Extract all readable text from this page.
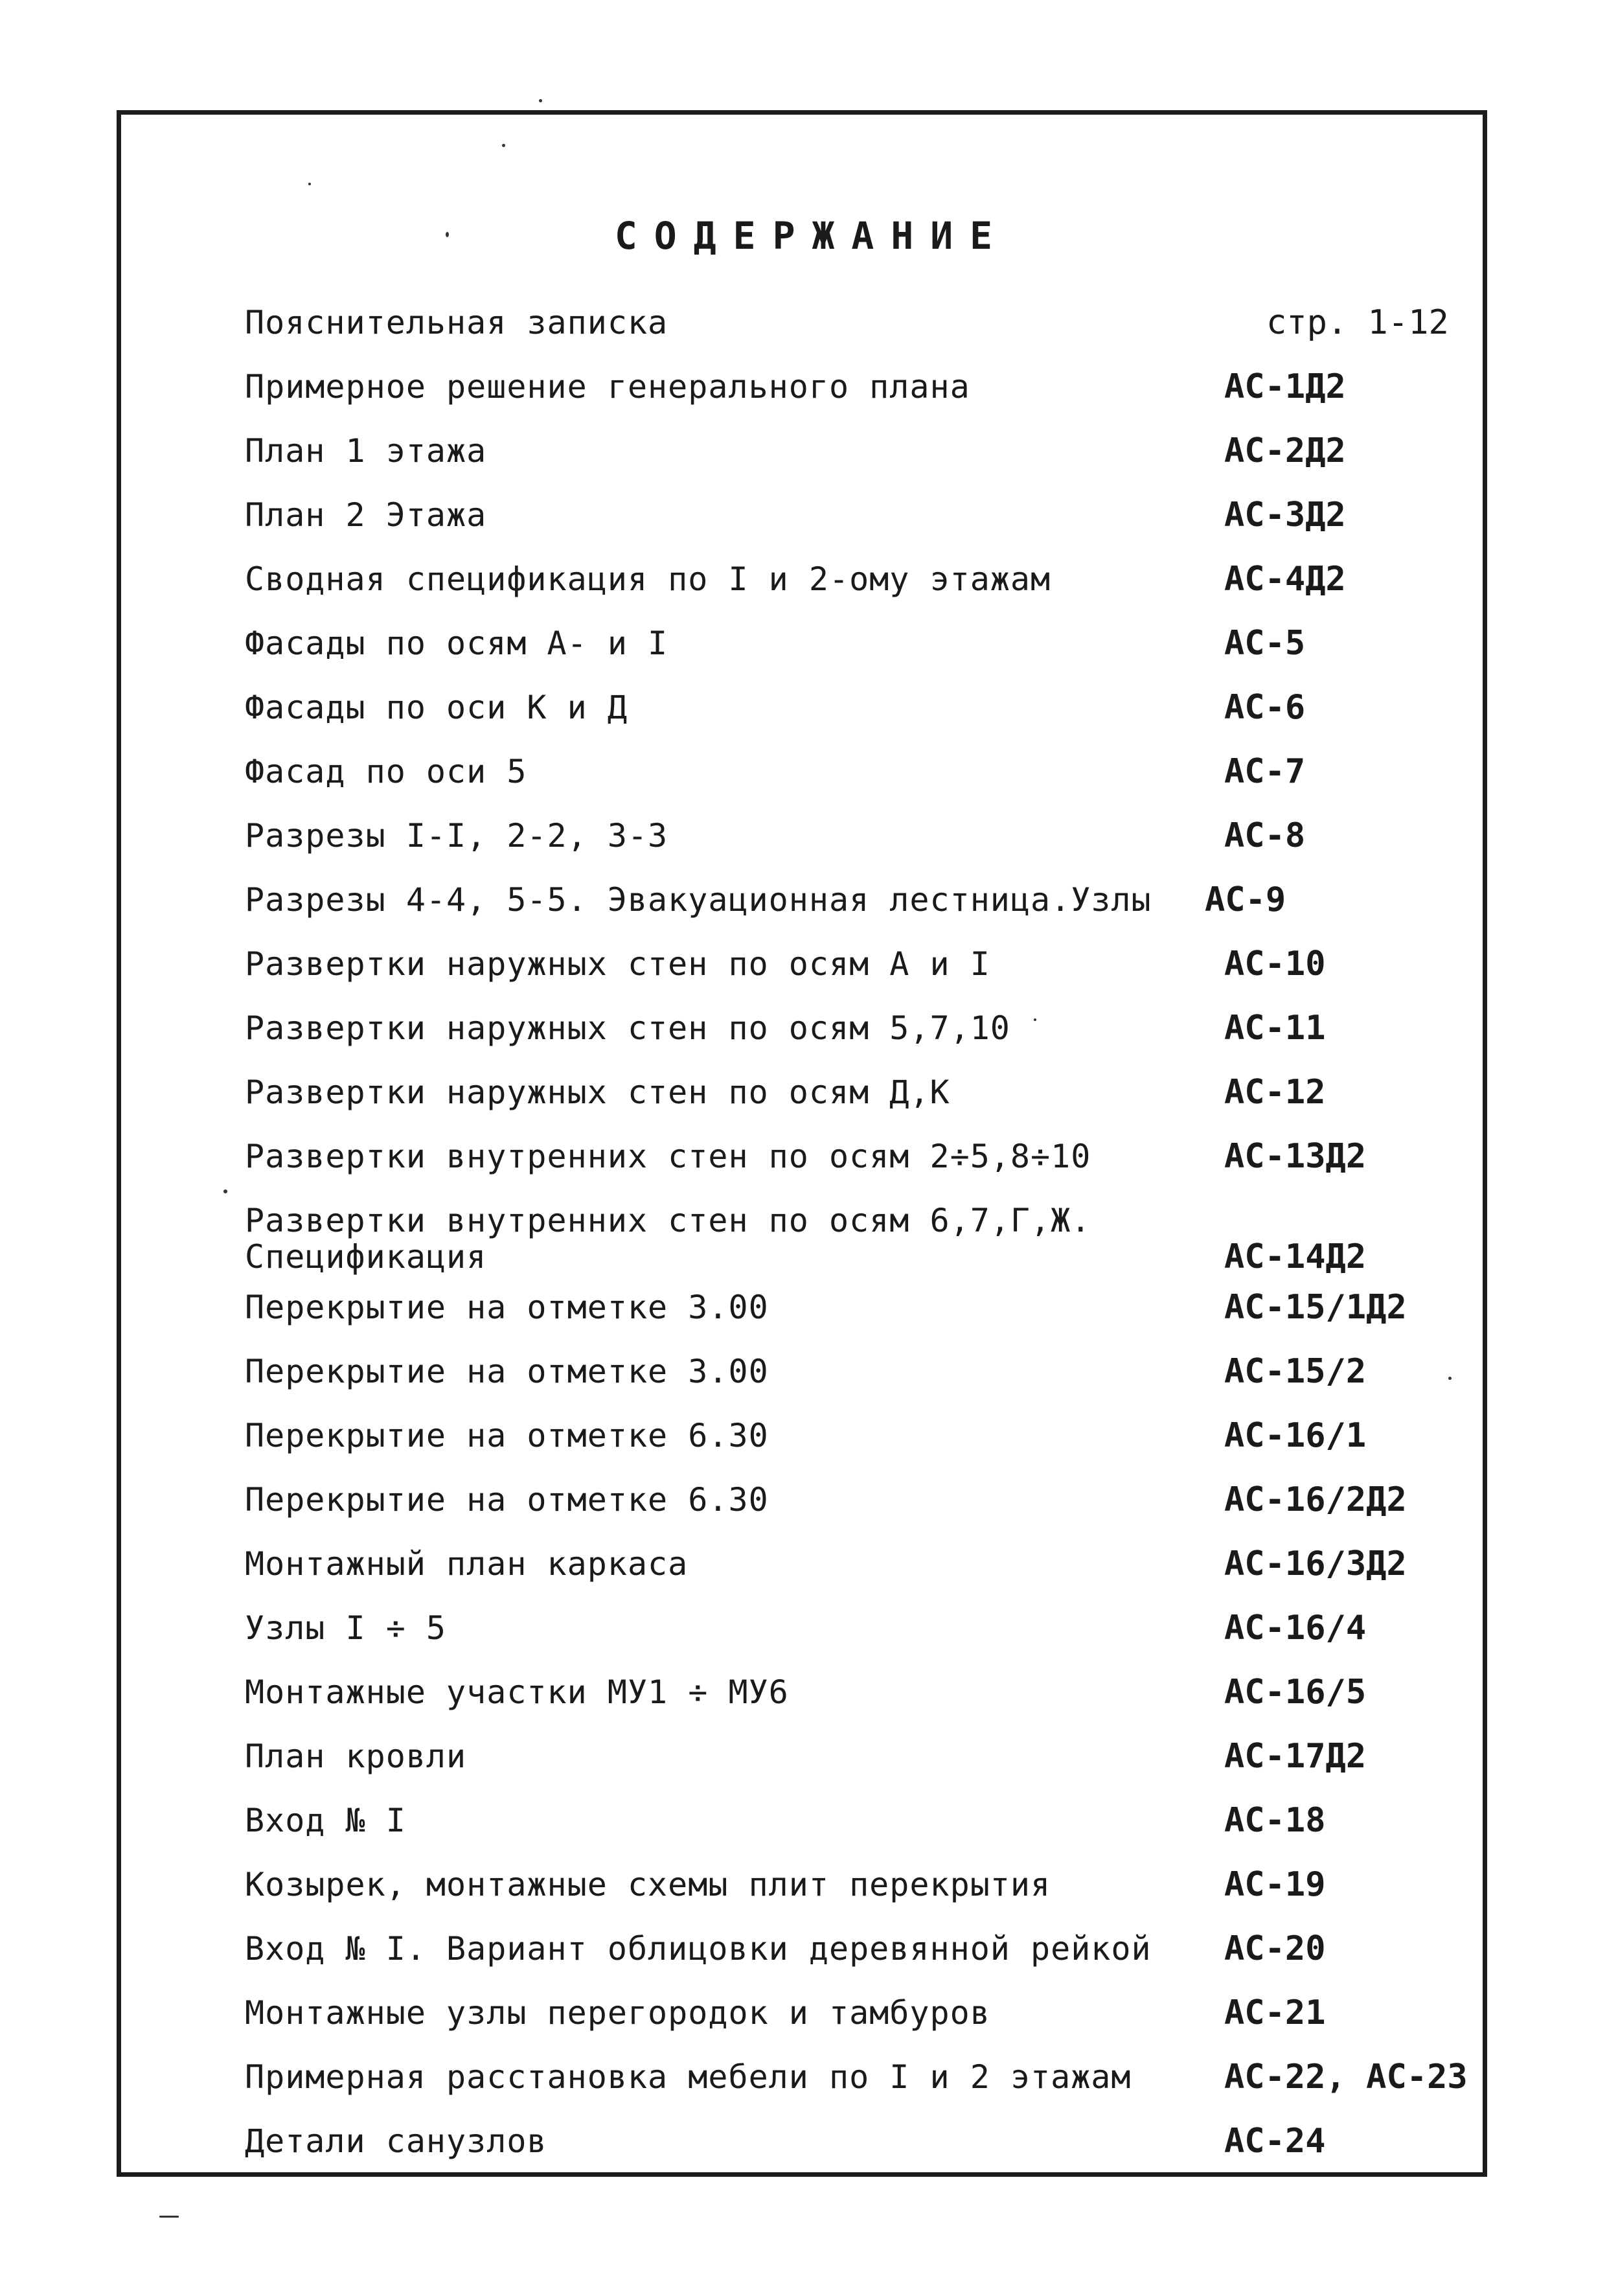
СОДЕРЖАНИЕ
Пояснительная записка	стр. 1-12
Примерное решение генерального плана	АС-1Д2
План 1 этажа	АС-2Д2
План 2 Этажа	АС-3Д2
Сводная спецификация по I и 2-ому этажам	АС-4Д2
Фасады по осям А- и I	АС-5
Фасады по оси К и Д	АС-6
Фасад по оси 5	АС-7
Разрезы I-I, 2-2, 3-3	АС-8
Разрезы 4-4, 5-5. Эвакуационная лестница.Узлы АС-9
Развертки наружных стен по осям А и I	АС-10
Развертки наружных стен по осям 5,7,10	АС-11
Развертки наружных стен по осям Д,К	АС-12
Развертки внутренних стен по осям 2÷5,8÷10	АС-13Д2
Развертки внутренних стен по осям 6,7,Г,Ж.
Спецификация	АС-14Д2
Перекрытие на отметке 3.00	АС-15/1Д2
Перекрытие на отметке 3.00	АС-15/2
Перекрытие на отметке 6.30	АС-16/1
Перекрытие на отметке 6.30	АС-16/2Д2
Монтажный план каркаса	АС-16/3Д2
Узлы I ÷ 5	АС-16/4
Монтажные участки МУ1 ÷ МУ6	АС-16/5
План кровли	АС-17Д2
Вход № I	АС-18
Козырек, монтажные схемы плит перекрытия	АС-19
Вход № I. Вариант облицовки деревянной рейкой АС-20
Монтажные узлы перегородок и тамбуров	АС-21
Примерная расстановка мебели по I и 2 этажам	АС-22, АС-23
Детали санузлов	АС-24
